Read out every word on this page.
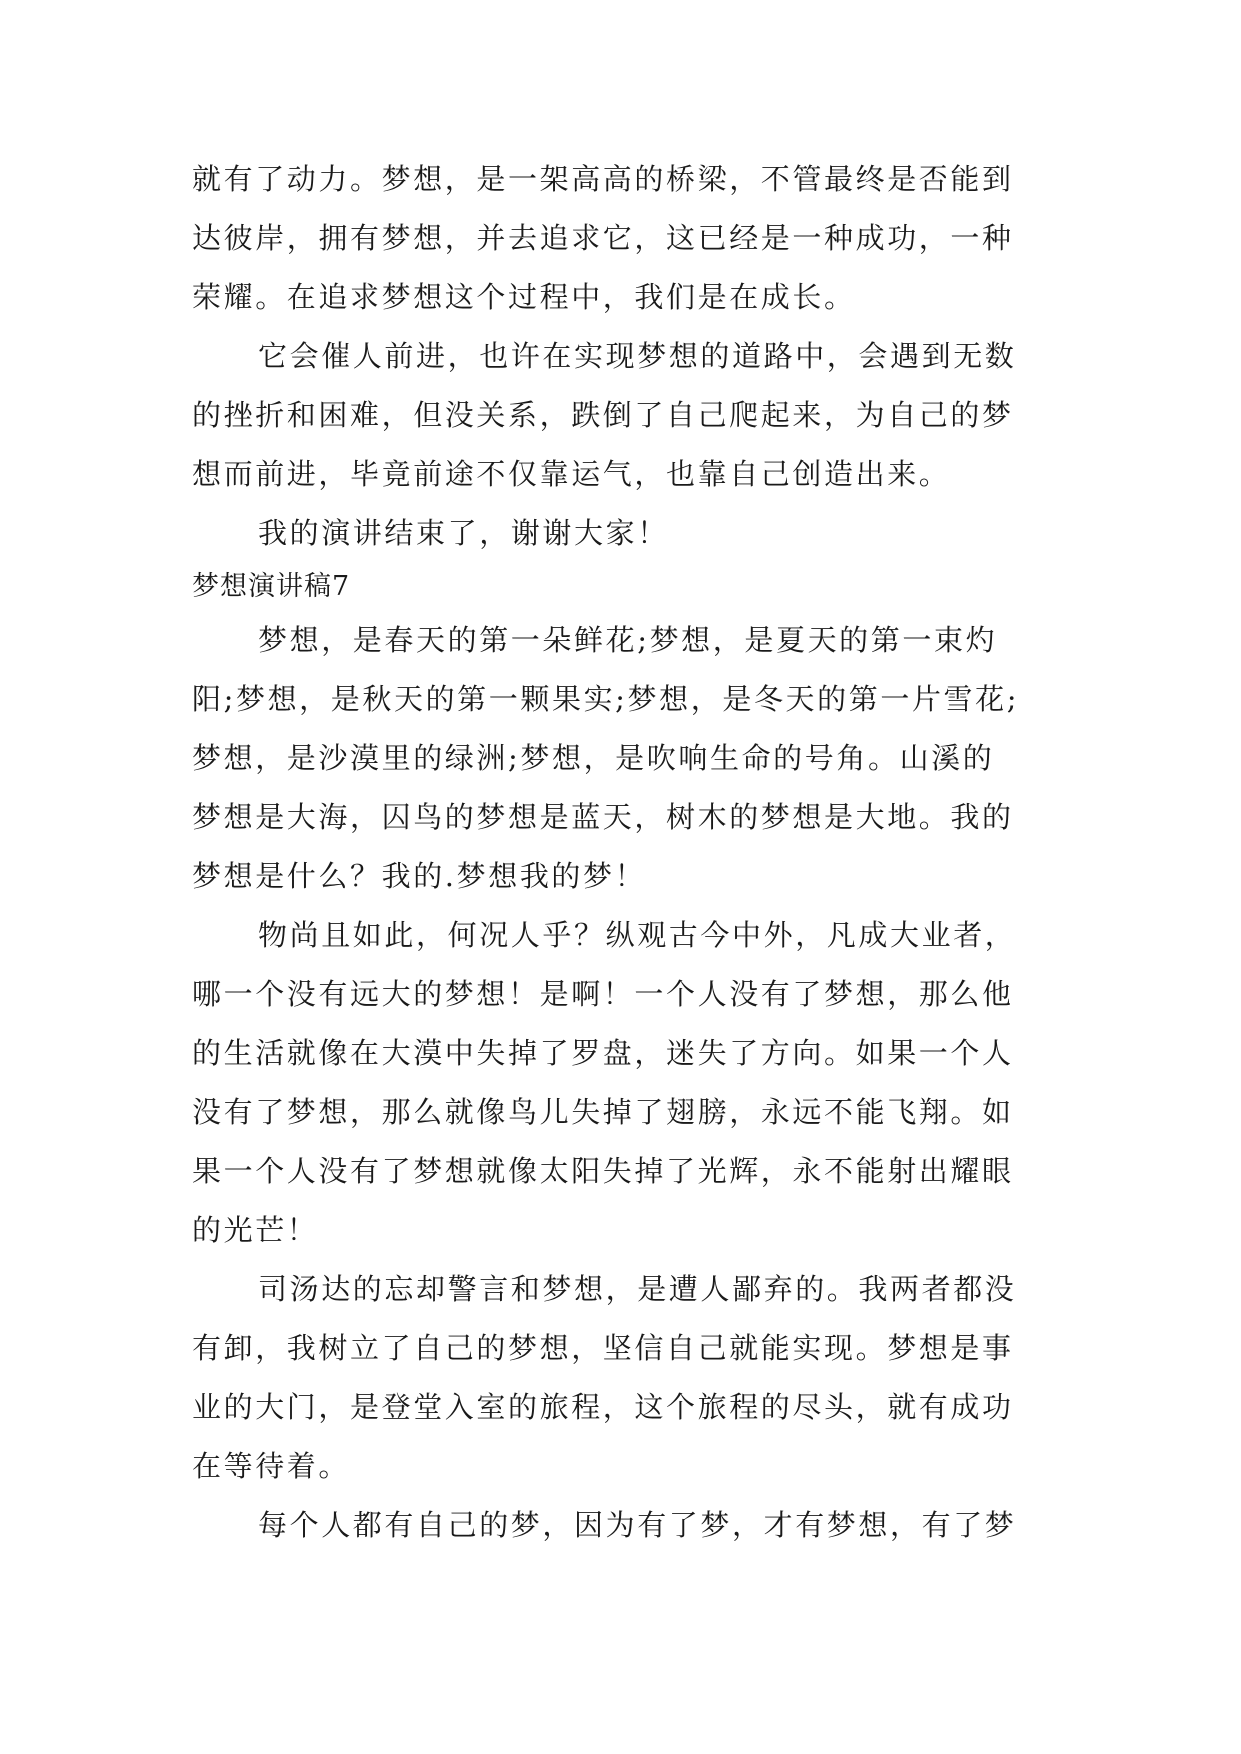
就有了动力。梦想，是一架高高的桥梁，不管最终是否能到
达彼岸，拥有梦想，并去追求它，这已经是一种成功，一种
荣耀。在追求梦想这个过程中，我们是在成长。
它会催人前进，也许在实现梦想的道路中，会遇到无数
的挫折和困难，但没关系，跌倒了自己爬起来，为自己的梦
想而前进，毕竟前途不仅靠运气，也靠自己创造出来。
我的演讲结束了，谢谢大家！
梦想演讲稿7
梦想，是春天的第一朵鲜花;梦想，是夏天的第一束灼
阳;梦想，是秋天的第一颗果实;梦想，是冬天的第一片雪花;
梦想，是沙漠里的绿洲;梦想，是吹响生命的号角。山溪的
梦想是大海，囚鸟的梦想是蓝天，树木的梦想是大地。我的
梦想是什么？我的.梦想我的梦！
物尚且如此，何况人乎？纵观古今中外，凡成大业者，
哪一个没有远大的梦想！是啊！一个人没有了梦想，那么他
的生活就像在大漠中失掉了罗盘，迷失了方向。如果一个人
没有了梦想，那么就像鸟儿失掉了翅膀，永远不能飞翔。如
果一个人没有了梦想就像太阳失掉了光辉，永不能射出耀眼
的光芒！
司汤达的忘却警言和梦想，是遭人鄙弃的。我两者都没
有卸，我树立了自己的梦想，坚信自己就能实现。梦想是事
业的大门，是登堂入室的旅程，这个旅程的尽头，就有成功
在等待着。
每个人都有自己的梦，因为有了梦，才有梦想，有了梦
